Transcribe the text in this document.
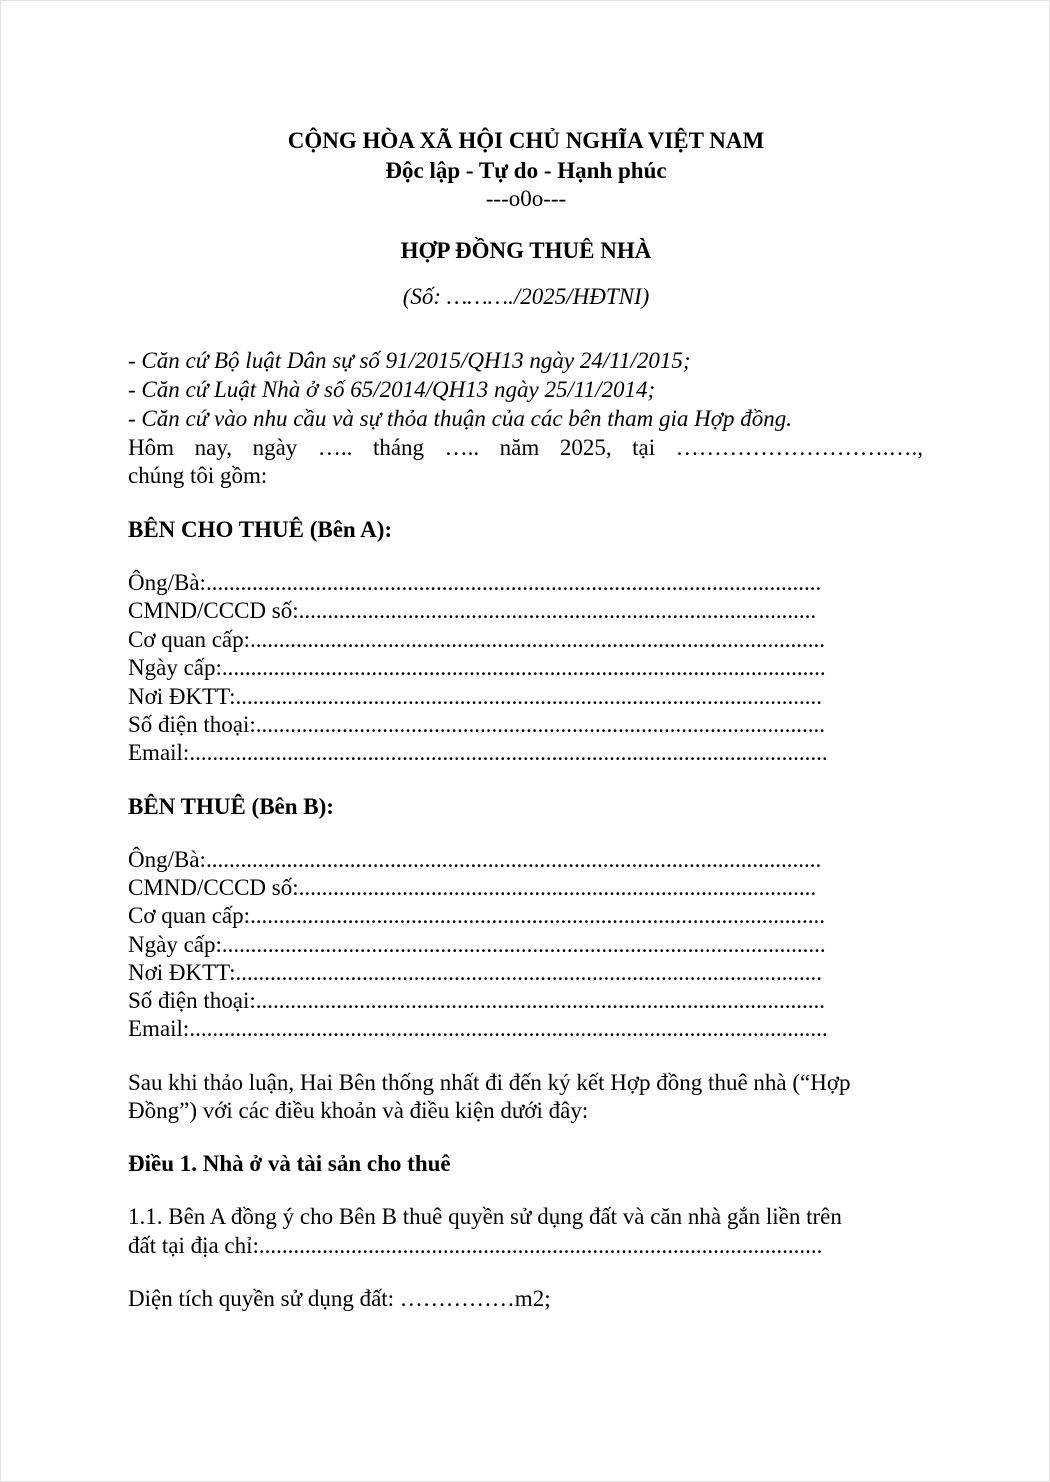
CỘNG HÒA XÃ HỘI CHỦ NGHĨA VIỆT NAM
Độc lập - Tự do - Hạnh phúc
---o0o---
HỢP ĐỒNG THUÊ NHÀ
(Số: ………./2025/HĐTNI)
- Căn cứ Bộ luật Dân sự số 91/2015/QH13 ngày 24/11/2015;
- Căn cứ Luật Nhà ở số 65/2014/QH13 ngày 25/11/2014;
- Căn cứ vào nhu cầu và sự thỏa thuận của các bên tham gia Hợp đồng.
Hôm nay, ngày ….. tháng ….. năm 2025, tại ……………………….….,
chúng tôi gồm:
BÊN CHO THUÊ (Bên A):
Ông/Bà:...........................................................................................................
CMND/CCCD số:..........................................................................................
Cơ quan cấp:....................................................................................................
Ngày cấp:.........................................................................................................
Nơi ĐKTT:......................................................................................................
Số điện thoại:...................................................................................................
Email:...............................................................................................................
BÊN THUÊ (Bên B):
Ông/Bà:...........................................................................................................
CMND/CCCD số:..........................................................................................
Cơ quan cấp:....................................................................................................
Ngày cấp:.........................................................................................................
Nơi ĐKTT:......................................................................................................
Số điện thoại:...................................................................................................
Email:...............................................................................................................
Sau khi thảo luận, Hai Bên thống nhất đi đến ký kết Hợp đồng thuê nhà (“Hợp
Đồng”) với các điều khoản và điều kiện dưới đây:
Điều 1. Nhà ở và tài sản cho thuê
1.1. Bên A đồng ý cho Bên B thuê quyền sử dụng đất và căn nhà gắn liền trên
đất tại địa chỉ:..................................................................................................
Diện tích quyền sử dụng đất: ……………m2;
